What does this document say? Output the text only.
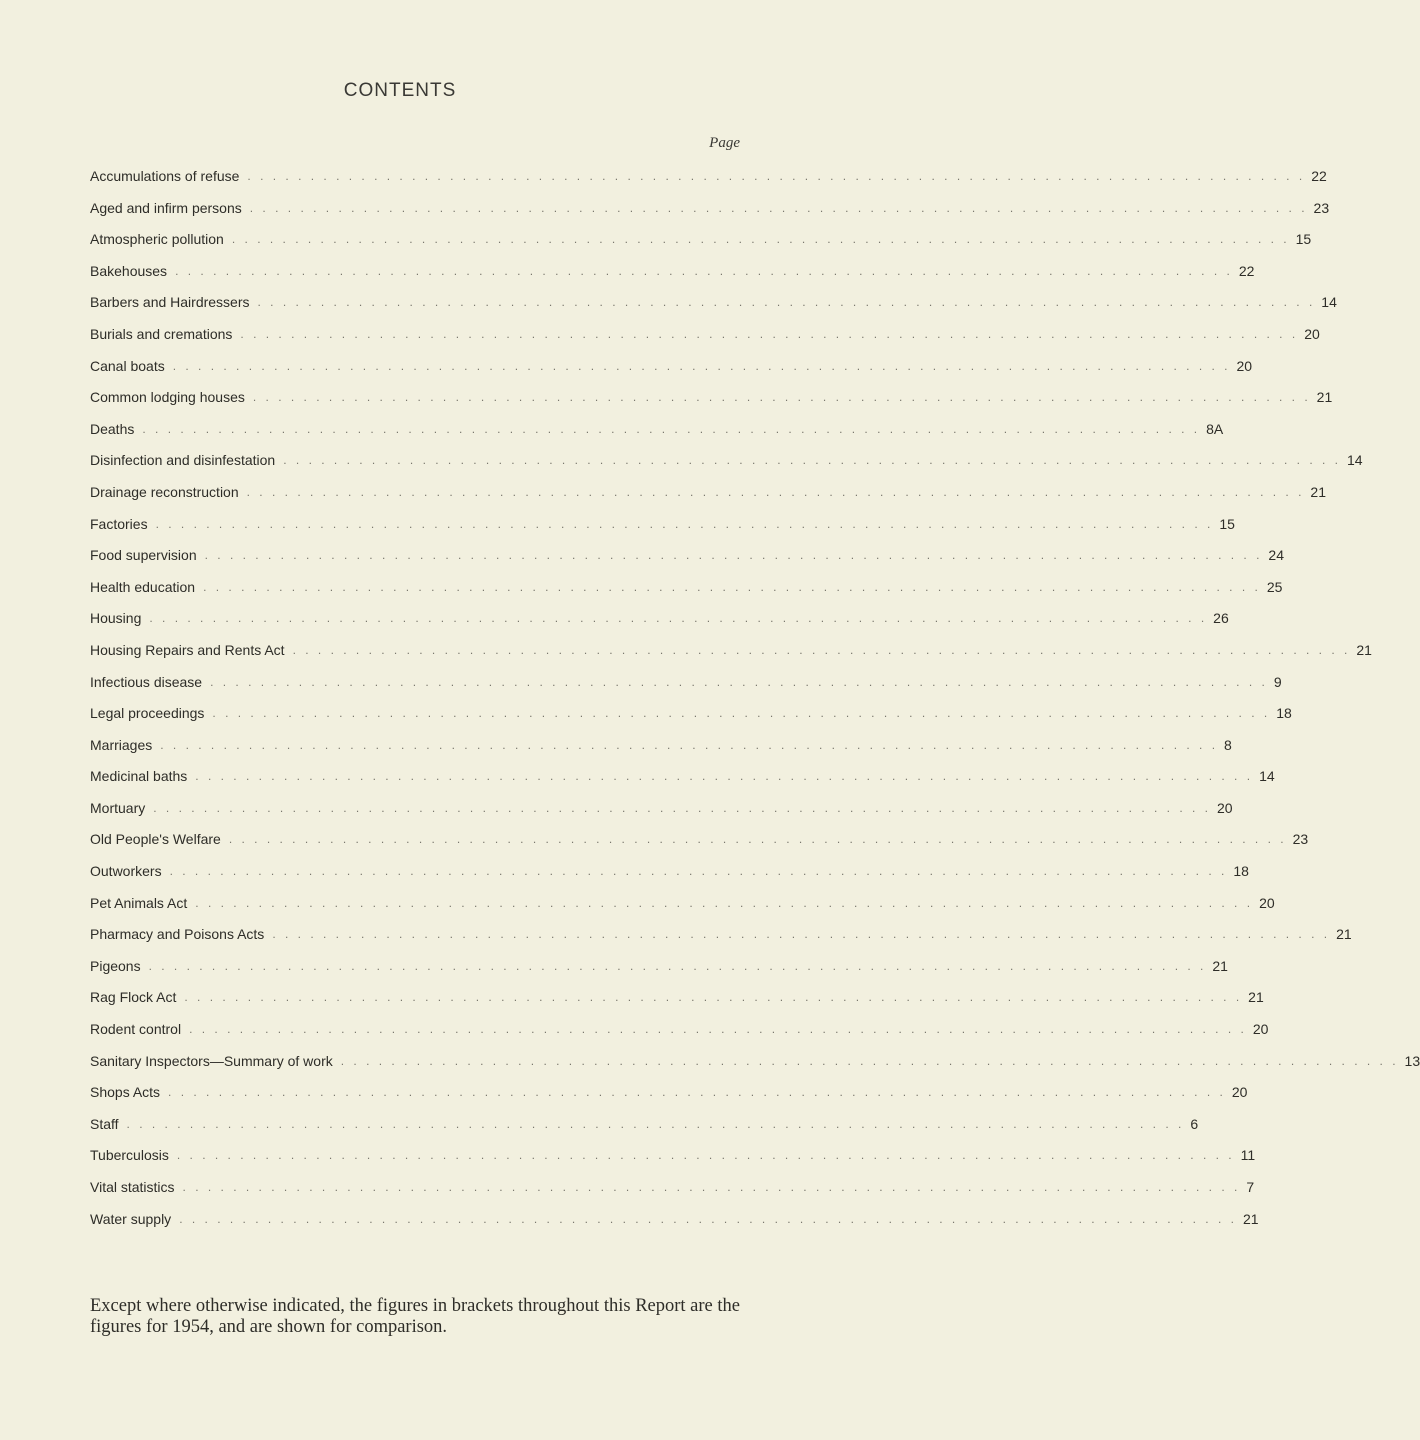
CONTENTS
Page
Accumulations of refuse . . . . . . . . . . . . . . . . . . . . . . . . . . . . . . . . . . . . . . . . . . . . . . . . . . . . . . . . . . . . . . . . . . . . . . . . . . . . . . . . . . . . 22
Aged and infirm persons . . . . . . . . . . . . . . . . . . . . . . . . . . . . . . . . . . . . . . . . . . . . . . . . . . . . . . . . . . . . . . . . . . . . . . . . . . . . . . . . . . . . 23
Atmospheric pollution . . . . . . . . . . . . . . . . . . . . . . . . . . . . . . . . . . . . . . . . . . . . . . . . . . . . . . . . . . . . . . . . . . . . . . . . . . . . . . . . . . . . 15
Bakehouses . . . . . . . . . . . . . . . . . . . . . . . . . . . . . . . . . . . . . . . . . . . . . . . . . . . . . . . . . . . . . . . . . . . . . . . . . . . . . . . . . . . . 22
Barbers and Hairdressers . . . . . . . . . . . . . . . . . . . . . . . . . . . . . . . . . . . . . . . . . . . . . . . . . . . . . . . . . . . . . . . . . . . . . . . . . . . . . . . . . . . . 14
Burials and cremations . . . . . . . . . . . . . . . . . . . . . . . . . . . . . . . . . . . . . . . . . . . . . . . . . . . . . . . . . . . . . . . . . . . . . . . . . . . . . . . . . . . . 20
Canal boats . . . . . . . . . . . . . . . . . . . . . . . . . . . . . . . . . . . . . . . . . . . . . . . . . . . . . . . . . . . . . . . . . . . . . . . . . . . . . . . . . . . . 20
Common lodging houses . . . . . . . . . . . . . . . . . . . . . . . . . . . . . . . . . . . . . . . . . . . . . . . . . . . . . . . . . . . . . . . . . . . . . . . . . . . . . . . . . . . . 21
Deaths . . . . . . . . . . . . . . . . . . . . . . . . . . . . . . . . . . . . . . . . . . . . . . . . . . . . . . . . . . . . . . . . . . . . . . . . . . . . . . . . . . . . 8A
Disinfection and disinfestation . . . . . . . . . . . . . . . . . . . . . . . . . . . . . . . . . . . . . . . . . . . . . . . . . . . . . . . . . . . . . . . . . . . . . . . . . . . . . . . . . . . . 14
Drainage reconstruction . . . . . . . . . . . . . . . . . . . . . . . . . . . . . . . . . . . . . . . . . . . . . . . . . . . . . . . . . . . . . . . . . . . . . . . . . . . . . . . . . . . . 21
Factories . . . . . . . . . . . . . . . . . . . . . . . . . . . . . . . . . . . . . . . . . . . . . . . . . . . . . . . . . . . . . . . . . . . . . . . . . . . . . . . . . . . . 15
Food supervision . . . . . . . . . . . . . . . . . . . . . . . . . . . . . . . . . . . . . . . . . . . . . . . . . . . . . . . . . . . . . . . . . . . . . . . . . . . . . . . . . . . . 24
Health education . . . . . . . . . . . . . . . . . . . . . . . . . . . . . . . . . . . . . . . . . . . . . . . . . . . . . . . . . . . . . . . . . . . . . . . . . . . . . . . . . . . . 25
Housing . . . . . . . . . . . . . . . . . . . . . . . . . . . . . . . . . . . . . . . . . . . . . . . . . . . . . . . . . . . . . . . . . . . . . . . . . . . . . . . . . . . . 26
Housing Repairs and Rents Act . . . . . . . . . . . . . . . . . . . . . . . . . . . . . . . . . . . . . . . . . . . . . . . . . . . . . . . . . . . . . . . . . . . . . . . . . . . . . . . . . . . . 21
Infectious disease . . . . . . . . . . . . . . . . . . . . . . . . . . . . . . . . . . . . . . . . . . . . . . . . . . . . . . . . . . . . . . . . . . . . . . . . . . . . . . . . . . . . 9
Legal proceedings . . . . . . . . . . . . . . . . . . . . . . . . . . . . . . . . . . . . . . . . . . . . . . . . . . . . . . . . . . . . . . . . . . . . . . . . . . . . . . . . . . . . 18
Marriages . . . . . . . . . . . . . . . . . . . . . . . . . . . . . . . . . . . . . . . . . . . . . . . . . . . . . . . . . . . . . . . . . . . . . . . . . . . . . . . . . . . . 8
Medicinal baths . . . . . . . . . . . . . . . . . . . . . . . . . . . . . . . . . . . . . . . . . . . . . . . . . . . . . . . . . . . . . . . . . . . . . . . . . . . . . . . . . . . . 14
Mortuary . . . . . . . . . . . . . . . . . . . . . . . . . . . . . . . . . . . . . . . . . . . . . . . . . . . . . . . . . . . . . . . . . . . . . . . . . . . . . . . . . . . . 20
Old People's Welfare . . . . . . . . . . . . . . . . . . . . . . . . . . . . . . . . . . . . . . . . . . . . . . . . . . . . . . . . . . . . . . . . . . . . . . . . . . . . . . . . . . . . 23
Outworkers . . . . . . . . . . . . . . . . . . . . . . . . . . . . . . . . . . . . . . . . . . . . . . . . . . . . . . . . . . . . . . . . . . . . . . . . . . . . . . . . . . . . 18
Pet Animals Act . . . . . . . . . . . . . . . . . . . . . . . . . . . . . . . . . . . . . . . . . . . . . . . . . . . . . . . . . . . . . . . . . . . . . . . . . . . . . . . . . . . . 20
Pharmacy and Poisons Acts . . . . . . . . . . . . . . . . . . . . . . . . . . . . . . . . . . . . . . . . . . . . . . . . . . . . . . . . . . . . . . . . . . . . . . . . . . . . . . . . . . . . 21
Pigeons . . . . . . . . . . . . . . . . . . . . . . . . . . . . . . . . . . . . . . . . . . . . . . . . . . . . . . . . . . . . . . . . . . . . . . . . . . . . . . . . . . . . 21
Rag Flock Act . . . . . . . . . . . . . . . . . . . . . . . . . . . . . . . . . . . . . . . . . . . . . . . . . . . . . . . . . . . . . . . . . . . . . . . . . . . . . . . . . . . . 21
Rodent control . . . . . . . . . . . . . . . . . . . . . . . . . . . . . . . . . . . . . . . . . . . . . . . . . . . . . . . . . . . . . . . . . . . . . . . . . . . . . . . . . . . . 20
Sanitary Inspectors—Summary of work . . . . . . . . . . . . . . . . . . . . . . . . . . . . . . . . . . . . . . . . . . . . . . . . . . . . . . . . . . . . . . . . . . . . . . . . . . . . . . . . . . . . 13
Shops Acts . . . . . . . . . . . . . . . . . . . . . . . . . . . . . . . . . . . . . . . . . . . . . . . . . . . . . . . . . . . . . . . . . . . . . . . . . . . . . . . . . . . . 20
Staff . . . . . . . . . . . . . . . . . . . . . . . . . . . . . . . . . . . . . . . . . . . . . . . . . . . . . . . . . . . . . . . . . . . . . . . . . . . . . . . . . . . . 6
Tuberculosis . . . . . . . . . . . . . . . . . . . . . . . . . . . . . . . . . . . . . . . . . . . . . . . . . . . . . . . . . . . . . . . . . . . . . . . . . . . . . . . . . . . . 11
Vital statistics . . . . . . . . . . . . . . . . . . . . . . . . . . . . . . . . . . . . . . . . . . . . . . . . . . . . . . . . . . . . . . . . . . . . . . . . . . . . . . . . . . . . 7
Water supply . . . . . . . . . . . . . . . . . . . . . . . . . . . . . . . . . . . . . . . . . . . . . . . . . . . . . . . . . . . . . . . . . . . . . . . . . . . . . . . . . . . . 21
Except where otherwise indicated, the figures in brackets throughout this Report are the figures for 1954, and are shown for comparison.
